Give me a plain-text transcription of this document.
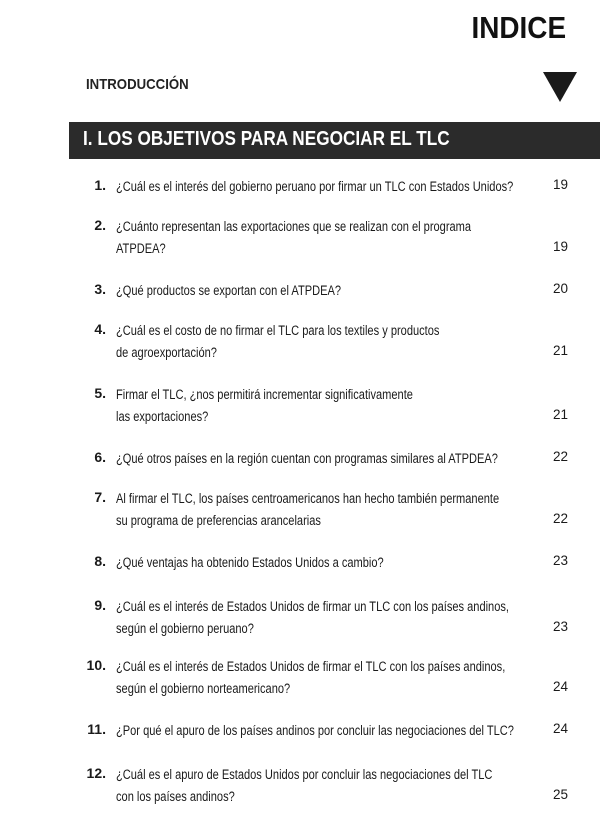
INDICE
INTRODUCCIÓN
I. LOS OBJETIVOS PARA NEGOCIAR EL TLC
1. ¿Cuál es el interés del gobierno peruano por firmar un TLC con Estados Unidos?	19
2. ¿Cuánto representan las exportaciones que se realizan con el programa
ATPDEA?	19
3. ¿Qué productos se exportan con el ATPDEA?	20
4. ¿Cuál es el costo de no firmar el TLC para los textiles y productos
de agroexportación?	21
5. Firmar el TLC, ¿nos permitirá incrementar significativamente
las exportaciones?	21
6. ¿Qué otros países en la región cuentan con programas similares al ATPDEA?	22
7. Al firmar el TLC, los países centroamericanos han hecho también permanente
su programa de preferencias arancelarias	22
8. ¿Qué ventajas ha obtenido Estados Unidos a cambio?	23
9. ¿Cuál es el interés de Estados Unidos de firmar un TLC con los países andinos,
según el gobierno peruano?	23
10. ¿Cuál es el interés de Estados Unidos de firmar el TLC con los países andinos,
según el gobierno norteamericano?	24
11. ¿Por qué el apuro de los países andinos por concluir las negociaciones del TLC?	24
12. ¿Cuál es el apuro de Estados Unidos por concluir las negociaciones del TLC
con los países andinos?	25
